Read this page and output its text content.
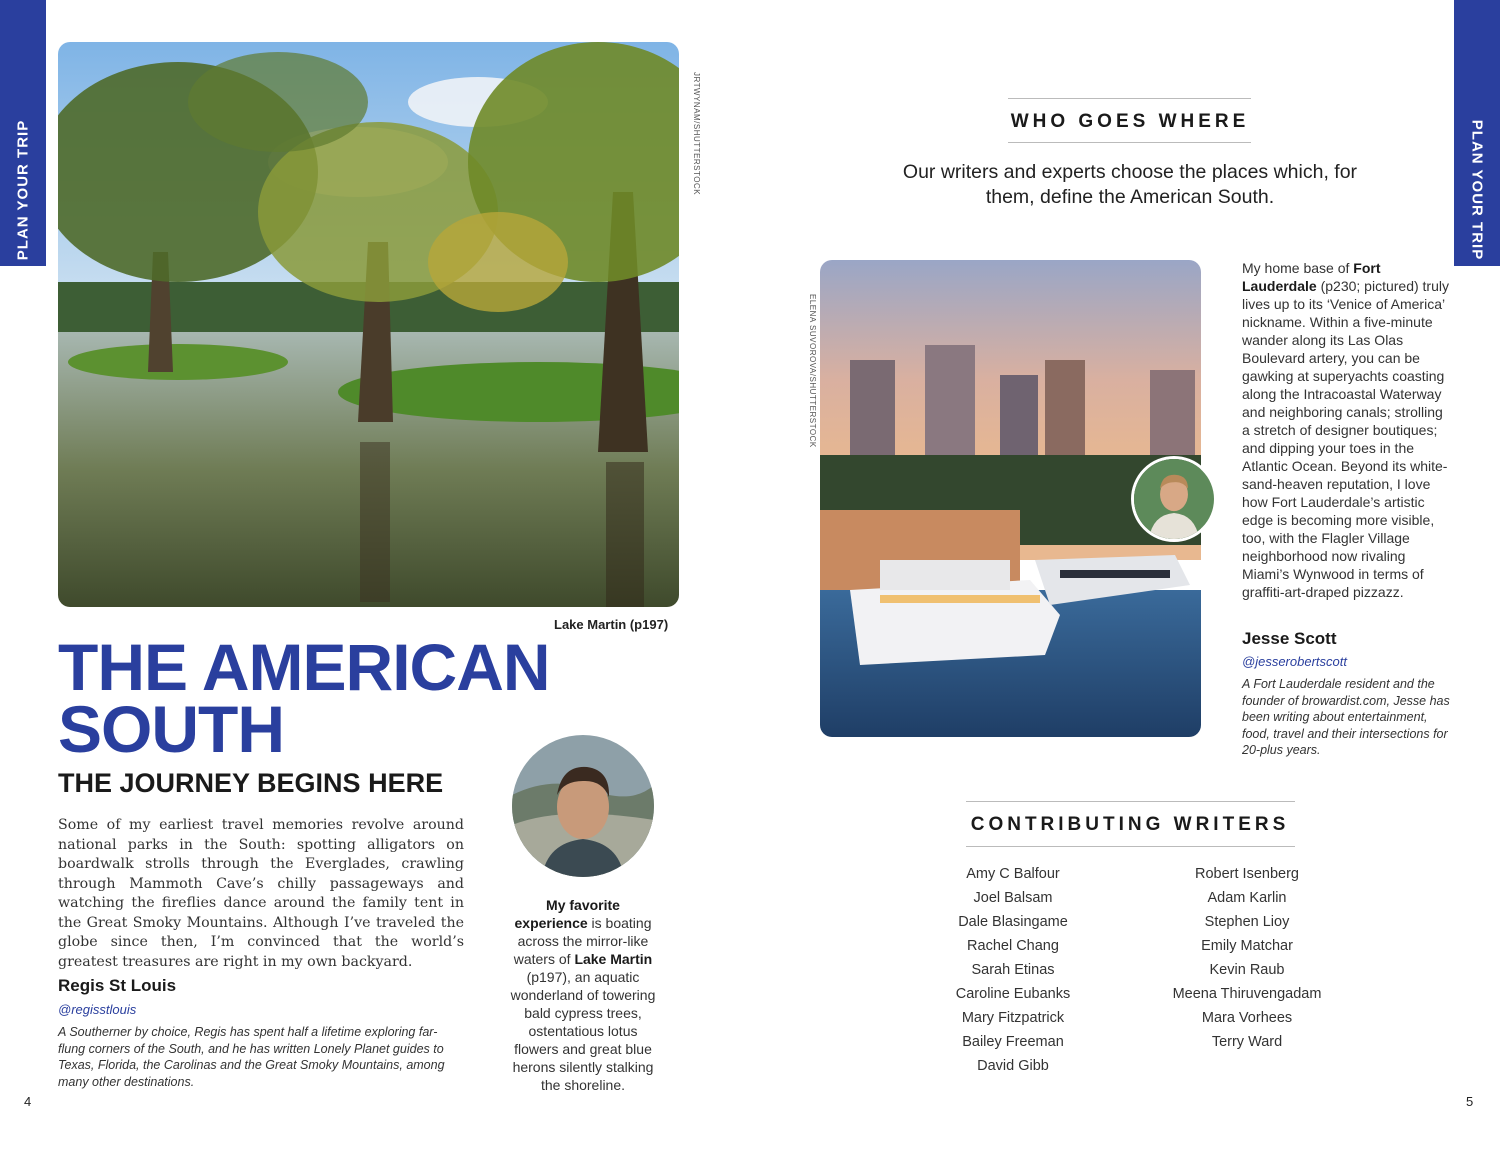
PLAN YOUR TRIP	PLAN YOUR TRIP
JRTWYNAM/SHUTTERSTOCK
Lake Martin (p197)
THE AMERICAN
SOUTH
THE JOURNEY BEGINS HERE
Some of my earliest travel memories revolve around national parks in the South: spotting alligators on boardwalk strolls through the Everglades, crawling through Mammoth Cave’s chilly passageways and watching the fireflies dance around the family tent in the Great Smoky Mountains. Although I’ve traveled the globe since then, I’m convinced that the world’s greatest treasures are right in my own backyard.
Regis St Louis
@regisstlouis
A Southerner by choice, Regis has spent half a lifetime exploring far-flung corners of the South, and he has written Lonely Planet guides to Texas, Florida, the Carolinas and the Great Smoky Mountains, among many other destinations.
My favorite experience is boating across the mirror-like waters of Lake Martin (p197), an aquatic wonderland of towering bald cypress trees, ostentatious lotus flowers and great blue herons silently stalking the shoreline.
4
WHO GOES WHERE
Our writers and experts choose the places which, for them, define the American South.
ELENA SUVOROVA/SHUTTERSTOCK
My home base of Fort Lauderdale (p230; pictured) truly lives up to its ‘Venice of America’ nickname. Within a five-minute wander along its Las Olas Boulevard artery, you can be gawking at superyachts coasting along the Intracoastal Waterway and neighboring canals; strolling a stretch of designer boutiques; and dipping your toes in the Atlantic Ocean. Beyond its white-sand-heaven reputation, I love how Fort Lauderdale’s artistic edge is becoming more visible, too, with the Flagler Village neighborhood now rivaling Miami’s Wynwood in terms of graffiti-art-draped pizzazz.
Jesse Scott
@jesserobertscott
A Fort Lauderdale resident and the founder of browardist.com, Jesse has been writing about entertainment, food, travel and their intersections for 20-plus years.
CONTRIBUTING WRITERS
Amy C Balfour
Joel Balsam
Dale Blasingame
Rachel Chang
Sarah Etinas
Caroline Eubanks
Mary Fitzpatrick
Bailey Freeman
David Gibb
Robert Isenberg
Adam Karlin
Stephen Lioy
Emily Matchar
Kevin Raub
Meena Thiruvengadam
Mara Vorhees
Terry Ward
5
